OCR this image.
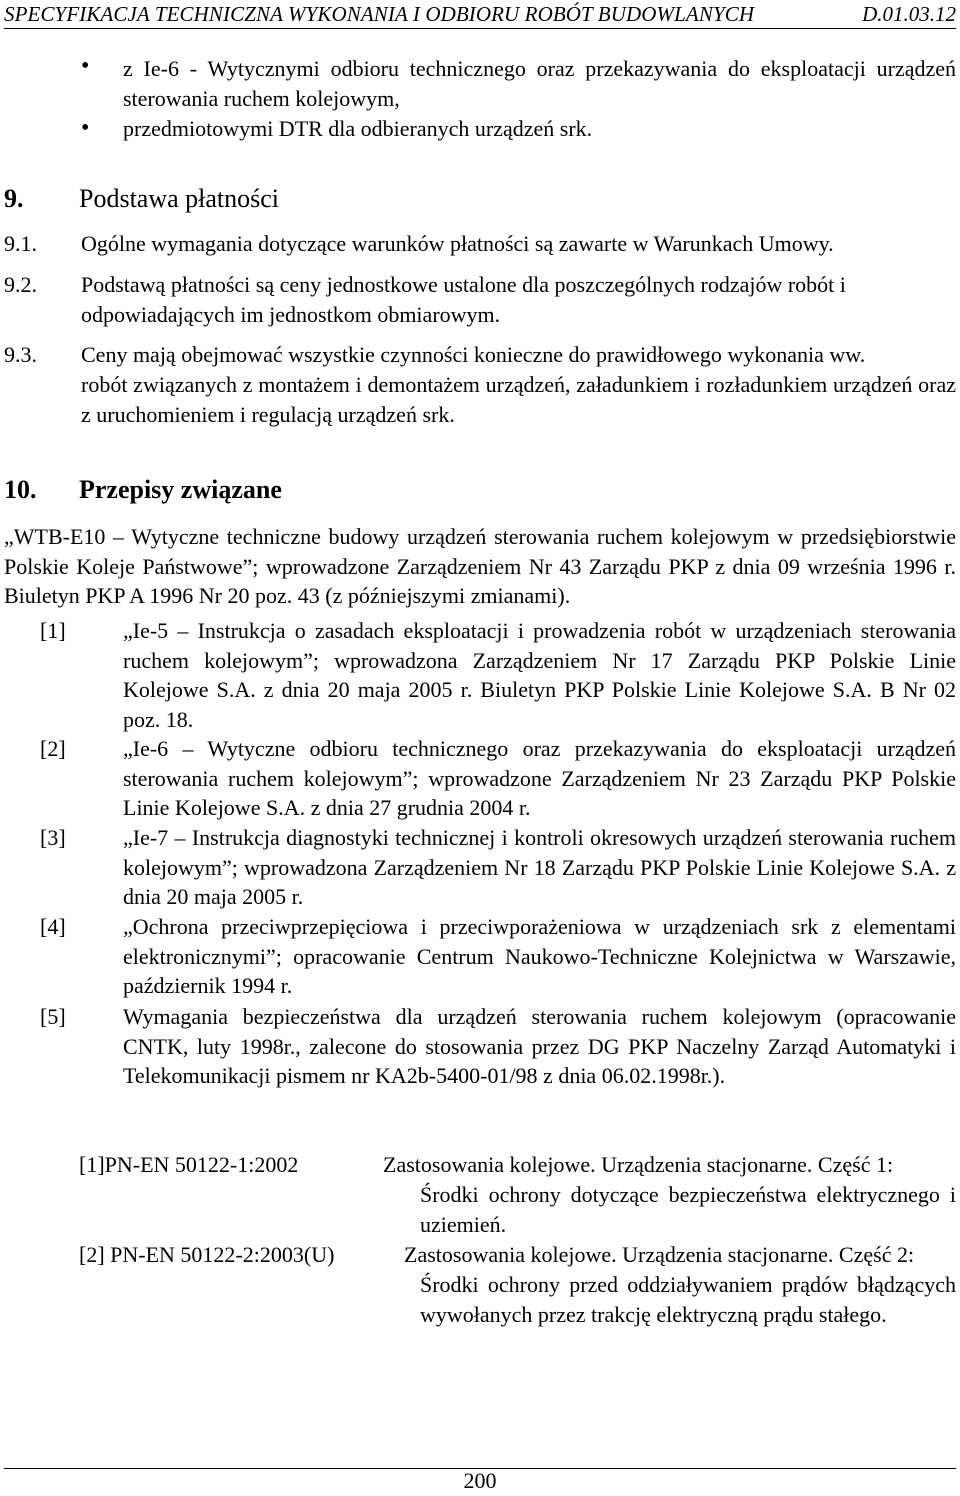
SPECYFIKACJA TECHNICZNA WYKONANIA I ODBIORU ROBÓT BUDOWLANYCH	D.01.03.12
• z Ie-6 - Wytycznymi odbioru technicznego oraz przekazywania do eksploatacji urządzeń sterowania ruchem kolejowym,
• przedmiotowymi DTR dla odbieranych urządzeń srk.
9. Podstawa płatności
9.1. Ogólne wymagania dotyczące warunków płatności są zawarte w Warunkach Umowy.
9.2. Podstawą płatności są ceny jednostkowe ustalone dla poszczególnych rodzajów robót i
odpowiadających im jednostkom obmiarowym.
9.3. Ceny mają obejmować wszystkie czynności konieczne do prawidłowego wykonania ww.
robót związanych z montażem i demontażem urządzeń, załadunkiem i rozładunkiem urządzeń oraz z uruchomieniem i regulacją urządzeń srk.
10. Przepisy związane
„WTB-E10 – Wytyczne techniczne budowy urządzeń sterowania ruchem kolejowym w przedsiębiorstwie Polskie Koleje Państwowe”; wprowadzone Zarządzeniem Nr 43 Zarządu PKP z dnia 09 września 1996 r. Biuletyn PKP A 1996 Nr 20 poz. 43 (z późniejszymi zmianami).
[1]	„Ie-5 – Instrukcja o zasadach eksploatacji i prowadzenia robót w urządzeniach sterowania ruchem kolejowym”; wprowadzona Zarządzeniem Nr 17 Zarządu PKP Polskie Linie Kolejowe S.A. z dnia 20 maja 2005 r. Biuletyn PKP Polskie Linie Kolejowe S.A. B Nr 02 poz. 18.
[2]	„Ie-6 – Wytyczne odbioru technicznego oraz przekazywania do eksploatacji urządzeń sterowania ruchem kolejowym”; wprowadzone Zarządzeniem Nr 23 Zarządu PKP Polskie Linie Kolejowe S.A. z dnia 27 grudnia 2004 r.
[3]	„Ie-7 – Instrukcja diagnostyki technicznej i kontroli okresowych urządzeń sterowania ruchem kolejowym”; wprowadzona Zarządzeniem Nr 18 Zarządu PKP Polskie Linie Kolejowe S.A. z dnia 20 maja 2005 r.
[4]	„Ochrona przeciwprzepięciowa i przeciwporażeniowa w urządzeniach srk z elementami elektronicznymi”; opracowanie Centrum Naukowo-Techniczne Kolejnictwa w Warszawie, październik 1994 r.
[5]	Wymagania bezpieczeństwa dla urządzeń sterowania ruchem kolejowym (opracowanie CNTK, luty 1998r., zalecone do stosowania przez DG PKP Naczelny Zarząd Automatyki i Telekomunikacji pismem nr KA2b-5400-01/98 z dnia 06.02.1998r.).
[1]PN-EN 50122-1:2002	Zastosowania kolejowe. Urządzenia stacjonarne. Część 1:
Środki ochrony dotyczące bezpieczeństwa elektrycznego i uziemień.
[2] PN-EN 50122-2:2003(U)	Zastosowania kolejowe. Urządzenia stacjonarne. Część 2:
Środki ochrony przed oddziaływaniem prądów błądzących wywołanych przez trakcję elektryczną prądu stałego.
200
